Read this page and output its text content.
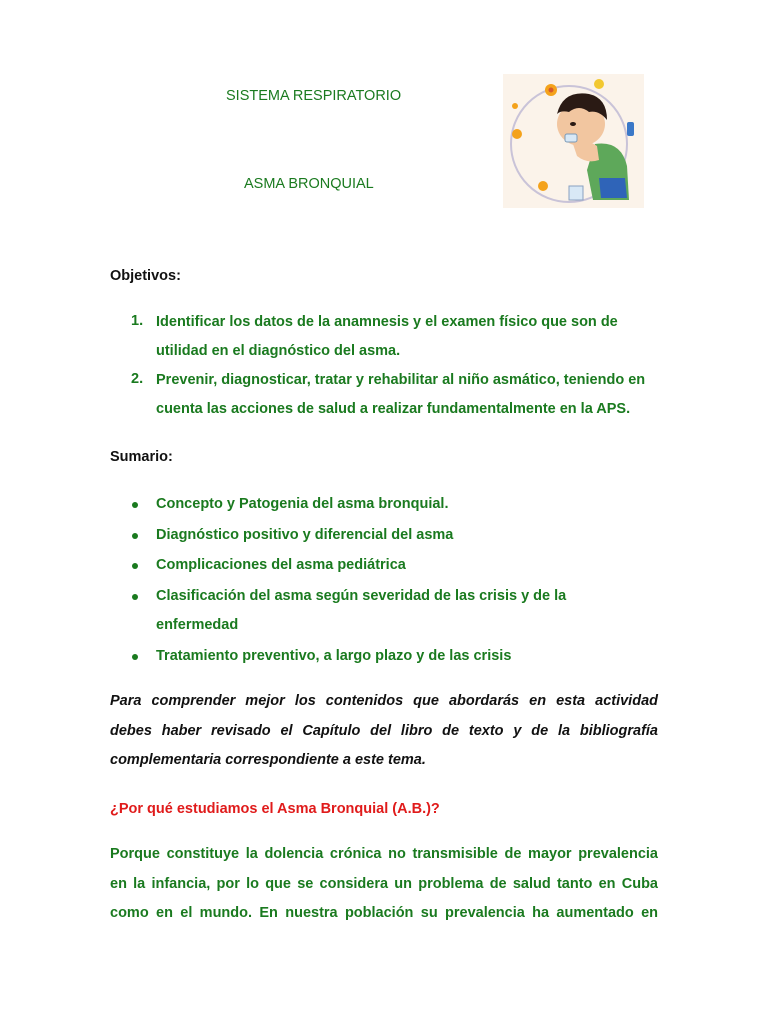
SISTEMA RESPIRATORIO
ASMA BRONQUIAL
Objetivos:
1. Identificar los datos de la anamnesis y el examen físico que son de
utilidad en el diagnóstico del asma.
2. Prevenir, diagnosticar, tratar y rehabilitar al niño asmático, teniendo en
cuenta las acciones de salud a realizar fundamentalmente en la APS.
Sumario:
Concepto y Patogenia del asma bronquial.
Diagnóstico positivo y diferencial del asma
Complicaciones del asma pediátrica
Clasificación del asma según severidad de las crisis y de la
enfermedad
Tratamiento preventivo, a largo plazo y de las crisis
Para comprender mejor los contenidos que abordarás en esta actividad
debes haber revisado el Capítulo del libro de texto y de la bibliografía
complementaria correspondiente a este tema.
¿Por qué estudiamos el Asma Bronquial (A.B.)?
Porque constituye la dolencia crónica no transmisible de mayor prevalencia
en la infancia, por lo que se considera un problema de salud tanto en Cuba
como en el mundo. En nuestra población su prevalencia ha aumentado en
